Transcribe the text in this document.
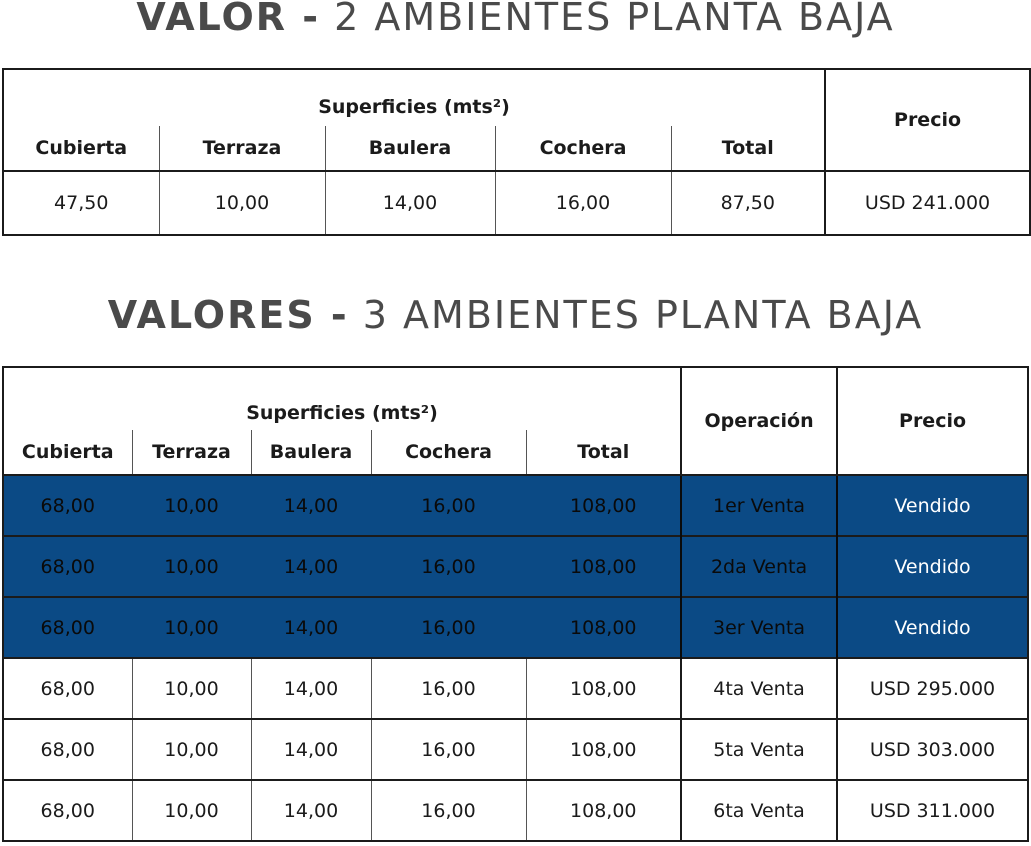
VALOR - 2 AMBIENTES PLANTA BAJA
Superficies (mts²)					Precio
Cubierta	Terraza	Baulera	Cochera	Total	
47,50	10,00	14,00	16,00	87,50	USD 241.000
VALORES - 3 AMBIENTES PLANTA BAJA
Superficies (mts²)					Operación	Precio
Cubierta	Terraza	Baulera	Cochera	Total		
68,00	10,00	14,00	16,00	108,00	1er Venta	Vendido
68,00	10,00	14,00	16,00	108,00	2da Venta	Vendido
68,00	10,00	14,00	16,00	108,00	3er Venta	Vendido
68,00	10,00	14,00	16,00	108,00	4ta Venta	USD 295.000
68,00	10,00	14,00	16,00	108,00	5ta Venta	USD 303.000
68,00	10,00	14,00	16,00	108,00	6ta Venta	USD 311.000
